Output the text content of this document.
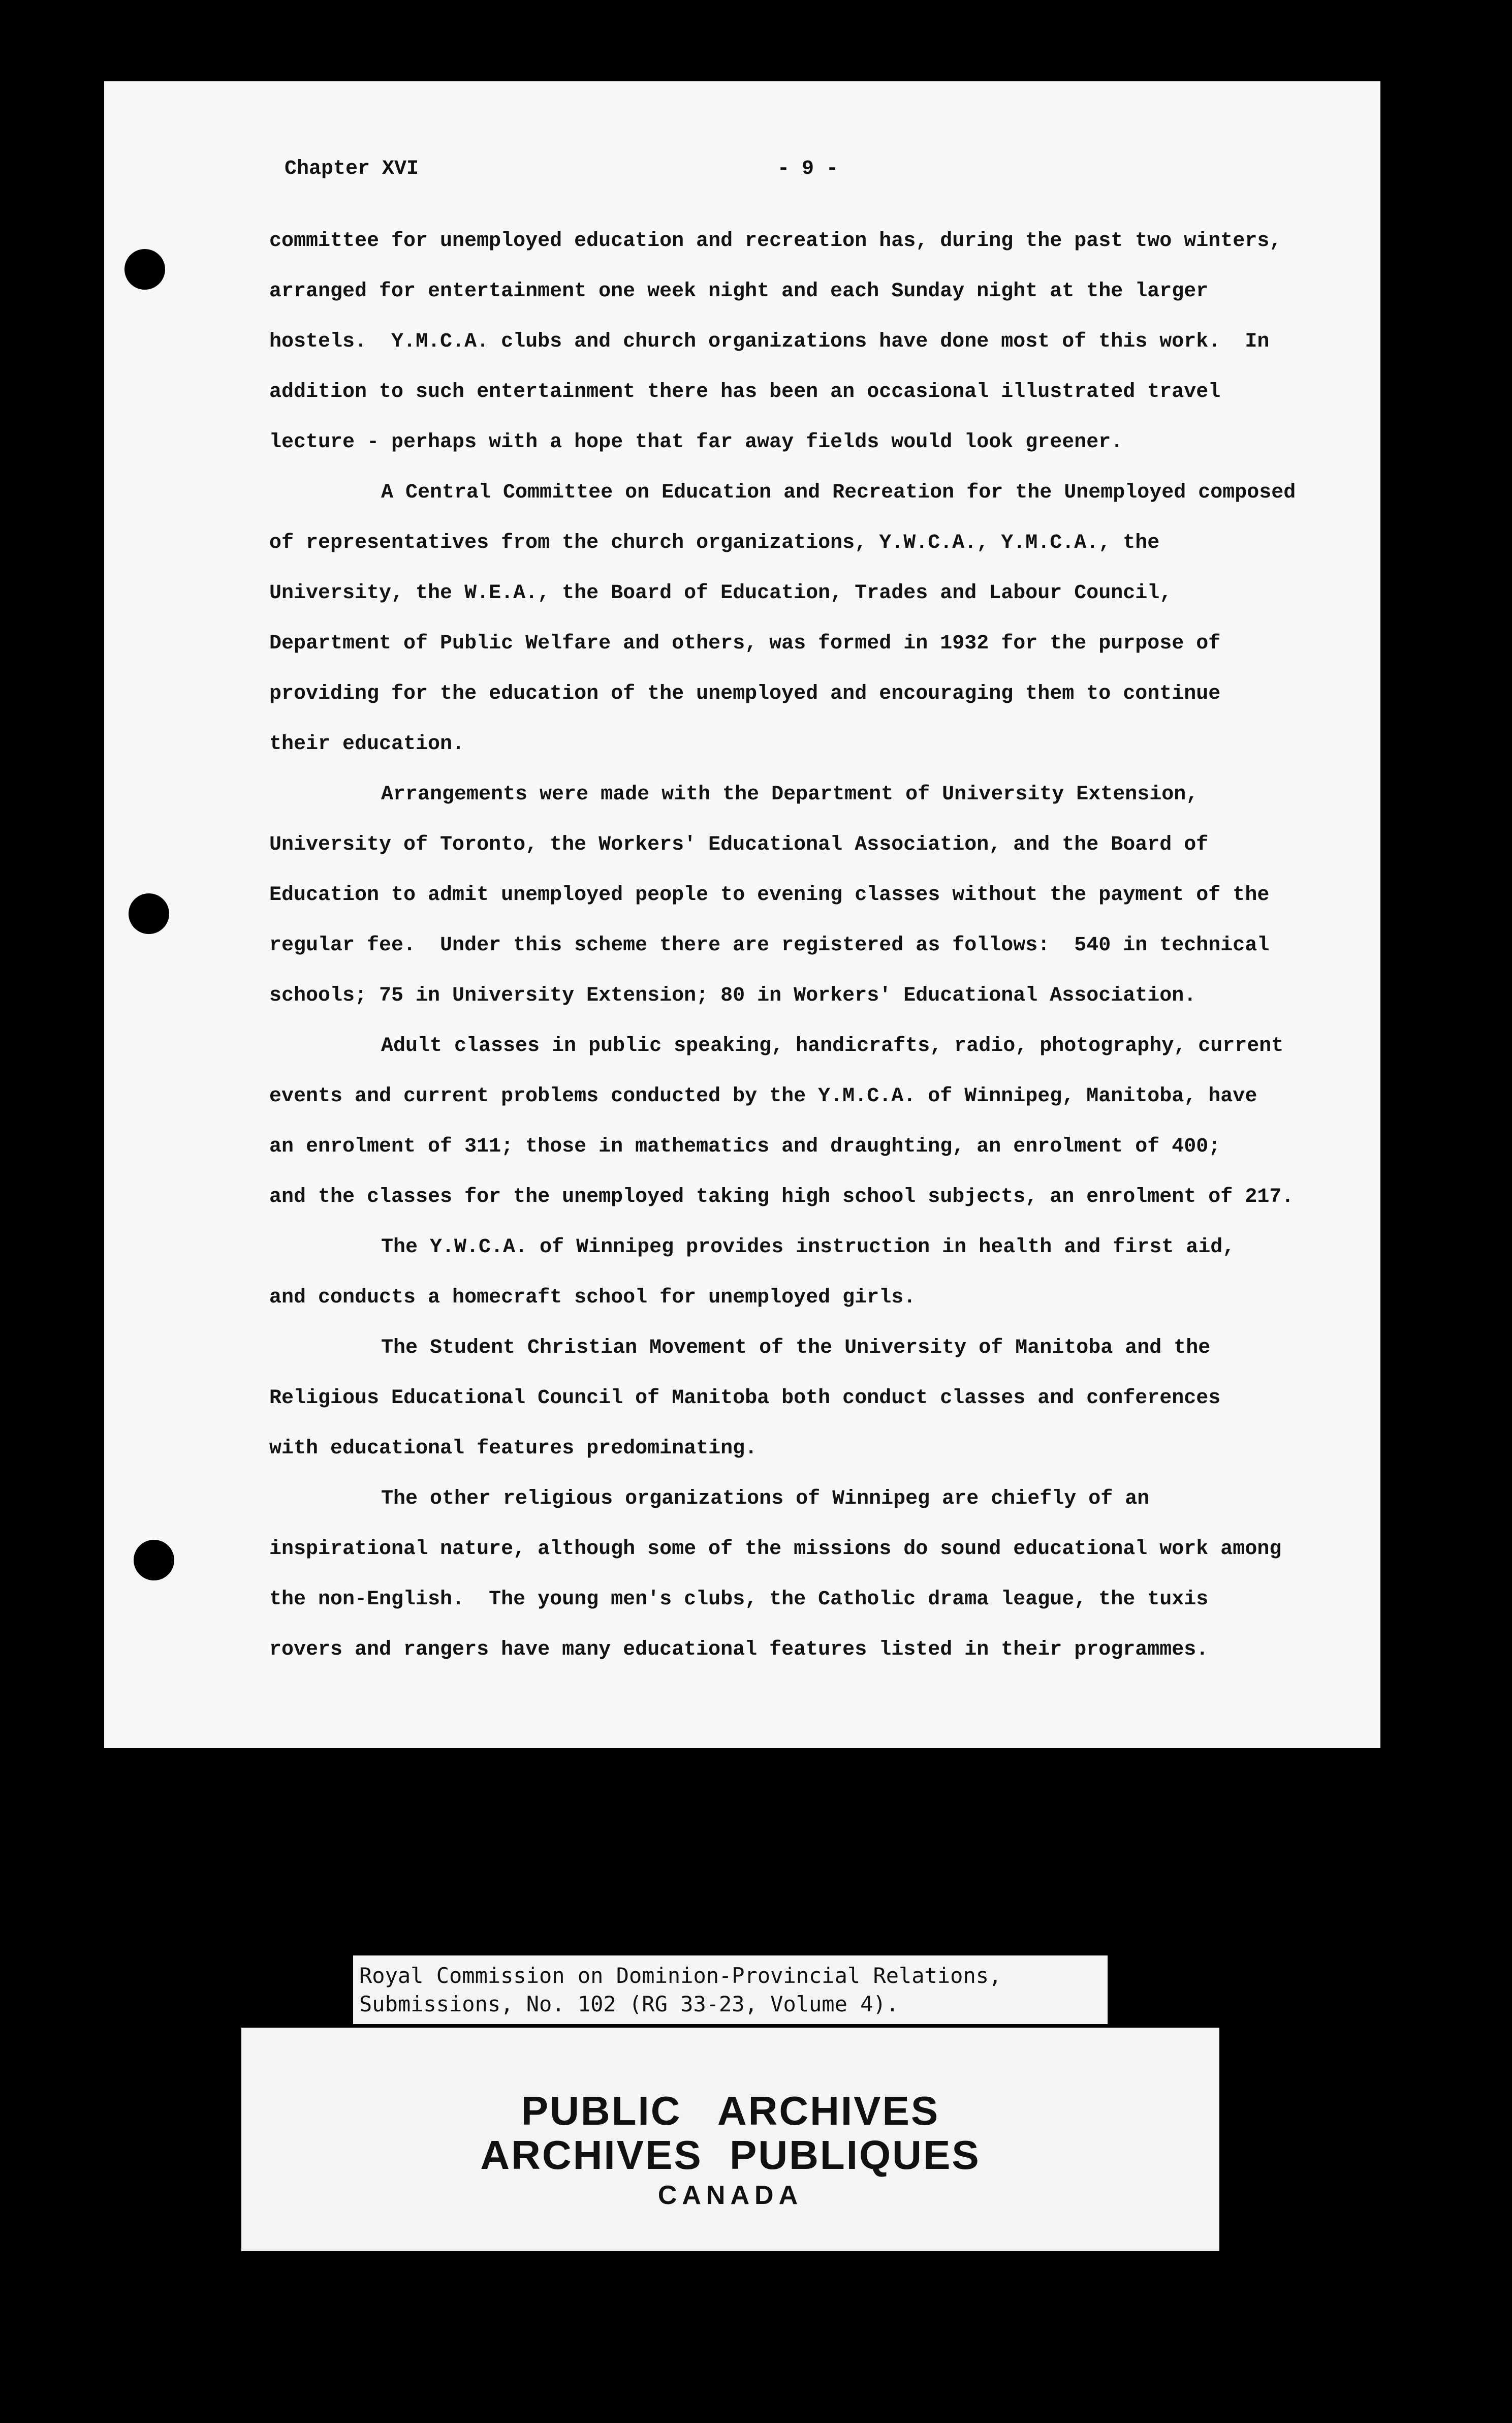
Chapter XVI	- 9 -

committee for unemployed education and recreation has, during the past two winters,

arranged for entertainment one week night and each Sunday night at the larger

hostels.  Y.M.C.A. clubs and church organizations have done most of this work.  In

addition to such entertainment there has been an occasional illustrated travel

lecture - perhaps with a hope that far away fields would look greener.

A Central Committee on Education and Recreation for the Unemployed composed

of representatives from the church organizations, Y.W.C.A., Y.M.C.A., the

University, the W.E.A., the Board of Education, Trades and Labour Council,

Department of Public Welfare and others, was formed in 1932 for the purpose of

providing for the education of the unemployed and encouraging them to continue

their education.

Arrangements were made with the Department of University Extension,

University of Toronto, the Workers' Educational Association, and the Board of

Education to admit unemployed people to evening classes without the payment of the

regular fee.  Under this scheme there are registered as follows:  540 in technical

schools; 75 in University Extension; 80 in Workers' Educational Association.

Adult classes in public speaking, handicrafts, radio, photography, current

events and current problems conducted by the Y.M.C.A. of Winnipeg, Manitoba, have

an enrolment of 311; those in mathematics and draughting, an enrolment of 400;

and the classes for the unemployed taking high school subjects, an enrolment of 217.

The Y.W.C.A. of Winnipeg provides instruction in health and first aid,

and conducts a homecraft school for unemployed girls.

The Student Christian Movement of the University of Manitoba and the

Religious Educational Council of Manitoba both conduct classes and conferences

with educational features predominating.

The other religious organizations of Winnipeg are chiefly of an

inspirational nature, although some of the missions do sound educational work among

the non-English.  The young men's clubs, the Catholic drama league, the tuxis

rovers and rangers have many educational features listed in their programmes.

Royal Commission on Dominion-Provincial Relations,
Submissions, No. 102 (RG 33-23, Volume 4).
PUBLIC ARCHIVES
ARCHIVES PUBLIQUES
CANADA
